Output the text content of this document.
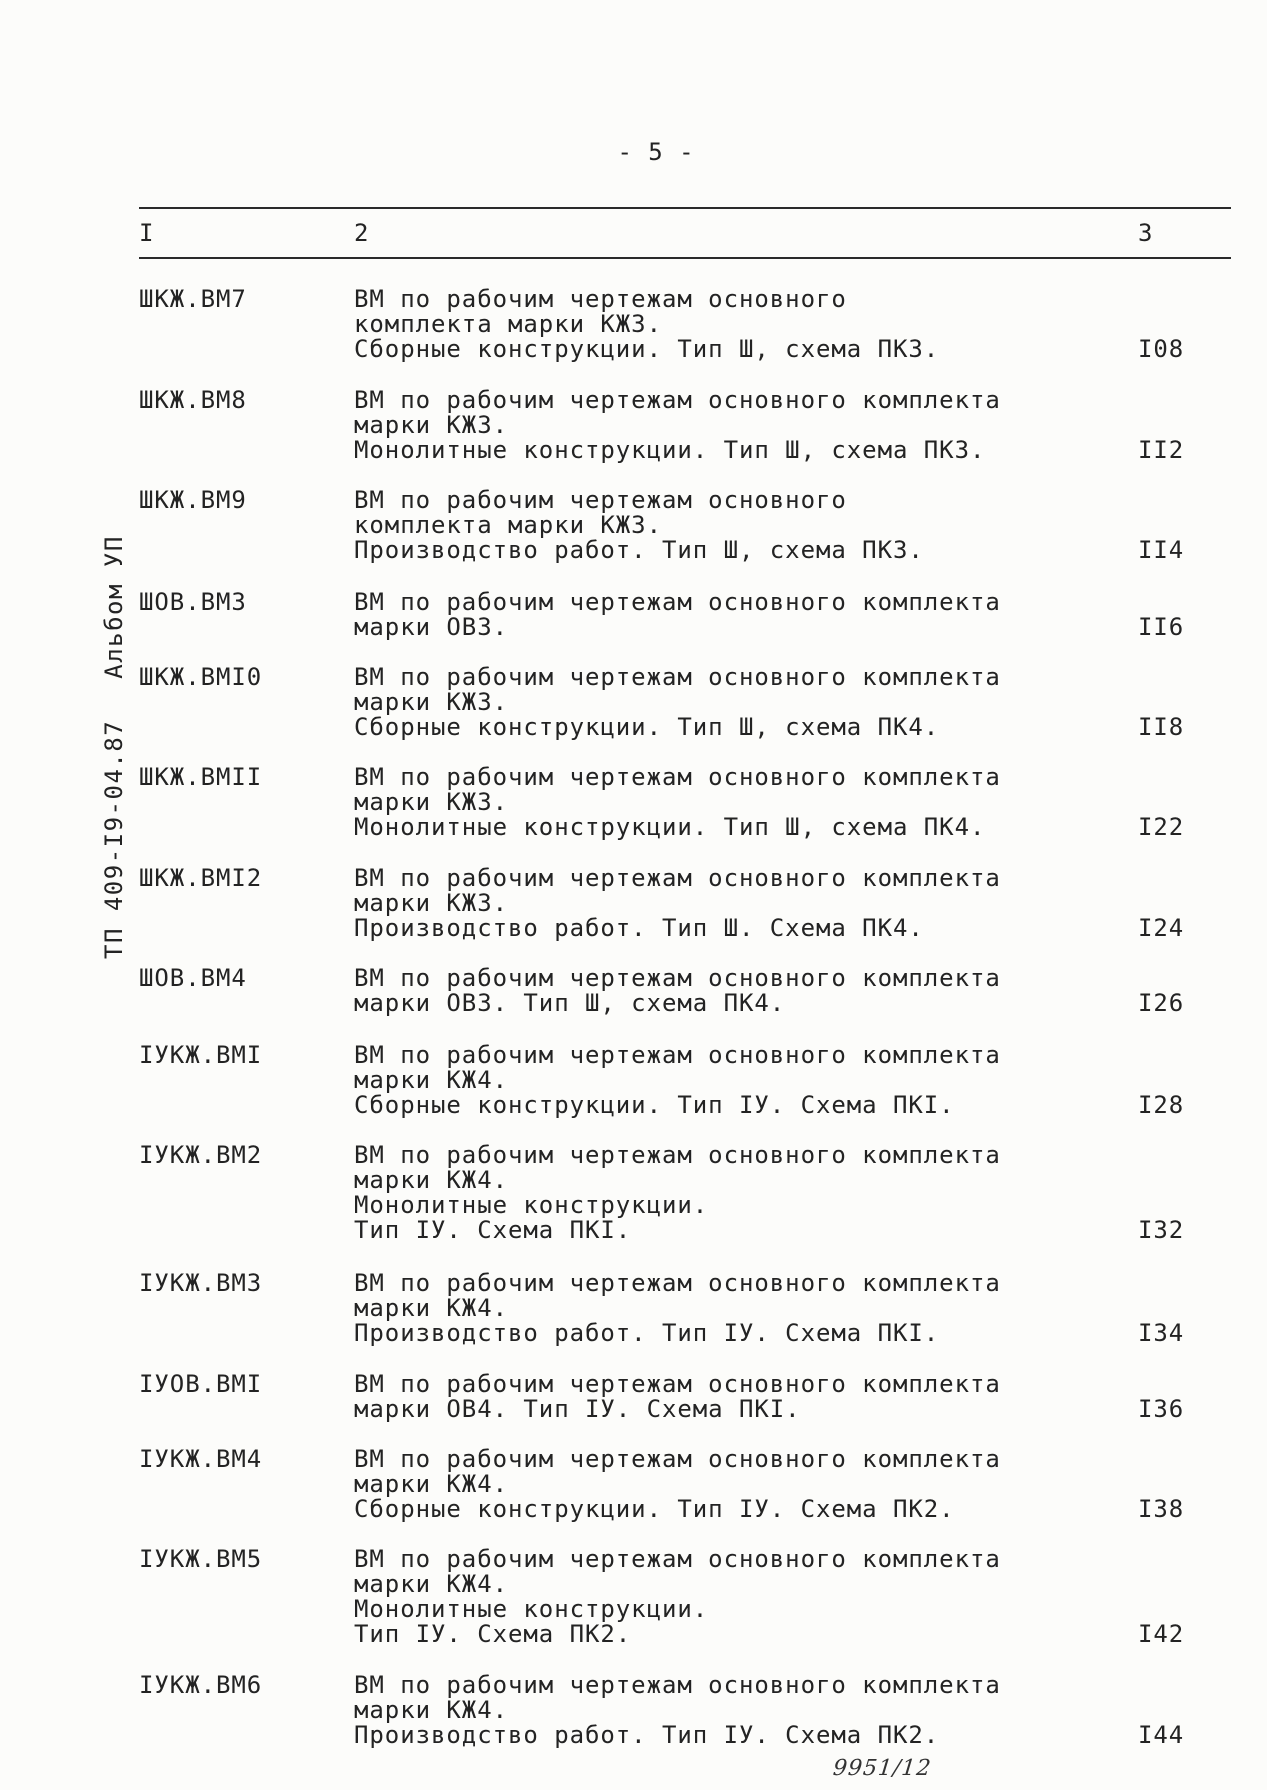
- 5 -
I	2	3
ШКЖ.ВМ7	ВМ по рабочим чертежам основного
комплекта марки КЖ3.
Сборные конструкции. Тип Ш, схема ПК3.	I08
ШКЖ.ВМ8	ВМ по рабочим чертежам основного комплекта
марки КЖ3.
Монолитные конструкции. Тип Ш, схема ПК3.	II2
ШКЖ.ВМ9	ВМ по рабочим чертежам основного
комплекта марки КЖ3.
Производство работ. Тип Ш, схема ПК3.	II4
ШОВ.ВМ3	ВМ по рабочим чертежам основного комплекта
марки ОВ3.	II6
ШКЖ.ВМI0	ВМ по рабочим чертежам основного комплекта
марки КЖ3.
Сборные конструкции. Тип Ш, схема ПК4.	II8
ШКЖ.ВМII	ВМ по рабочим чертежам основного комплекта
марки КЖ3.
Монолитные конструкции. Тип Ш, схема ПК4.	I22
ШКЖ.ВМI2	ВМ по рабочим чертежам основного комплекта
марки КЖ3.
Производство работ. Тип Ш. Схема ПК4.	I24
ШОВ.ВМ4	ВМ по рабочим чертежам основного комплекта
марки ОВ3. Тип Ш, схема ПК4.	I26
IУКЖ.ВМI	ВМ по рабочим чертежам основного комплекта
марки КЖ4.
Сборные конструкции. Тип IУ. Схема ПКI.	I28
IУКЖ.ВМ2	ВМ по рабочим чертежам основного комплекта
марки КЖ4.
Монолитные конструкции.
Тип IУ. Схема ПКI.	I32
IУКЖ.ВМ3	ВМ по рабочим чертежам основного комплекта
марки КЖ4.
Производство работ. Тип IУ. Схема ПКI.	I34
IУОВ.ВМI	ВМ по рабочим чертежам основного комплекта
марки ОВ4. Тип IУ. Схема ПКI.	I36
IУКЖ.ВМ4	ВМ по рабочим чертежам основного комплекта
марки КЖ4.
Сборные конструкции. Тип IУ. Схема ПК2.	I38
IУКЖ.ВМ5	ВМ по рабочим чертежам основного комплекта
марки КЖ4.
Монолитные конструкции.
Тип IУ. Схема ПК2.	I42
IУКЖ.ВМ6	ВМ по рабочим чертежам основного комплекта
марки КЖ4.
Производство работ. Тип IУ. Схема ПК2.	I44
ТП 409-I9-04.87Альбом УП
9951/12
